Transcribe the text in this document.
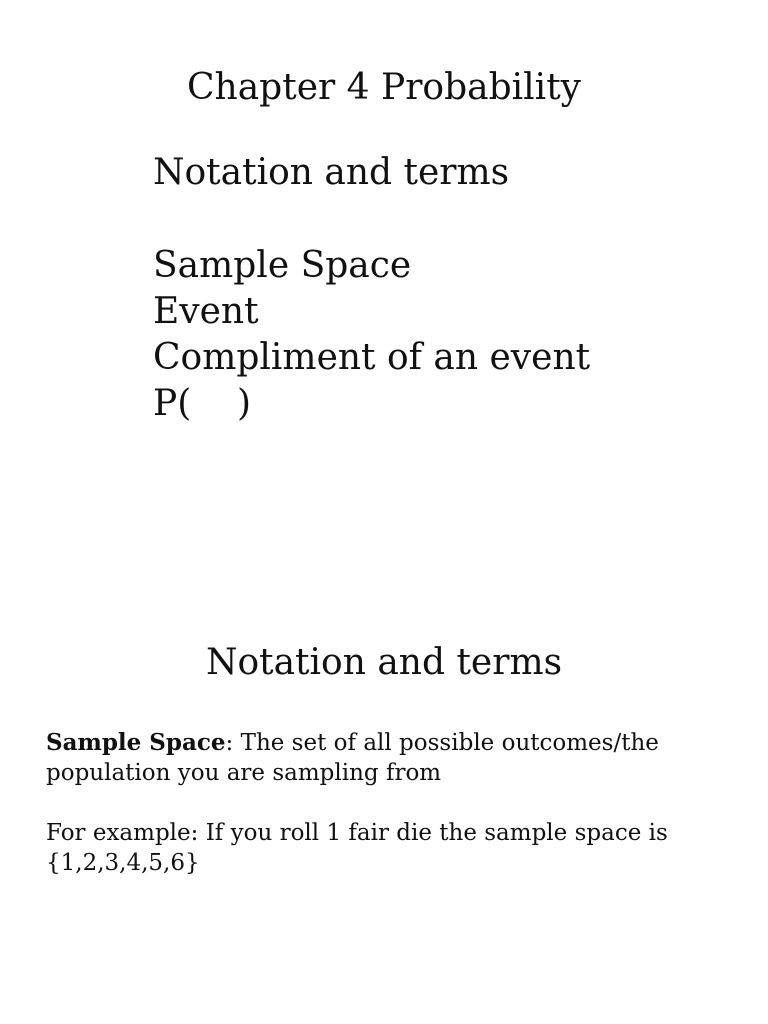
Chapter 4 Probability
Notation and terms
Sample Space
Event
Compliment of an event
P(    )
Notation and terms

Sample Space: The set of all possible outcomes/the population you are sampling from

For example: If you roll 1 fair die the sample space is {1,2,3,4,5,6}
